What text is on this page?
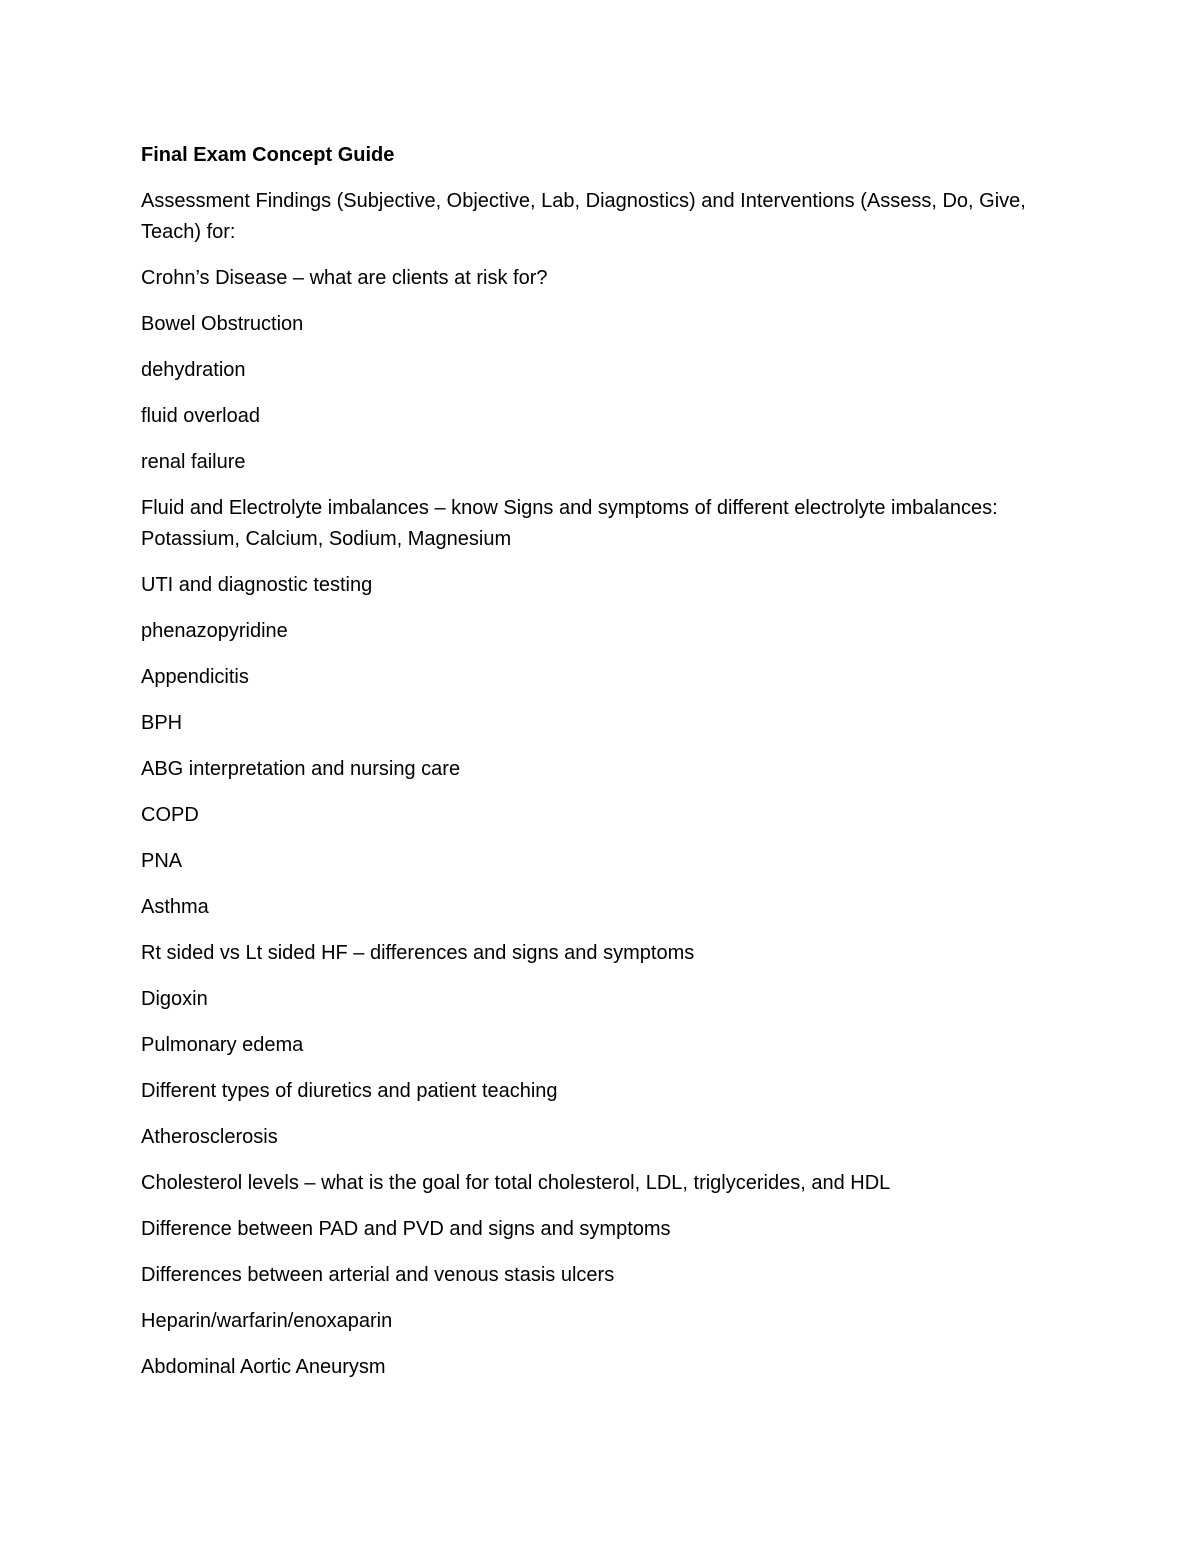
Final Exam Concept Guide

Assessment Findings (Subjective, Objective, Lab, Diagnostics) and Interventions (Assess, Do, Give, Teach) for:

Crohn’s Disease – what are clients at risk for?

Bowel Obstruction

dehydration

fluid overload

renal failure

Fluid and Electrolyte imbalances – know Signs and symptoms of different electrolyte imbalances: Potassium, Calcium, Sodium, Magnesium

UTI and diagnostic testing

phenazopyridine

Appendicitis

BPH

ABG interpretation and nursing care

COPD

PNA

Asthma

Rt sided vs Lt sided HF – differences and signs and symptoms

Digoxin

Pulmonary edema

Different types of diuretics and patient teaching

Atherosclerosis

Cholesterol levels – what is the goal for total cholesterol, LDL, triglycerides, and HDL

Difference between PAD and PVD and signs and symptoms

Differences between arterial and venous stasis ulcers

Heparin/warfarin/enoxaparin

Abdominal Aortic Aneurysm
